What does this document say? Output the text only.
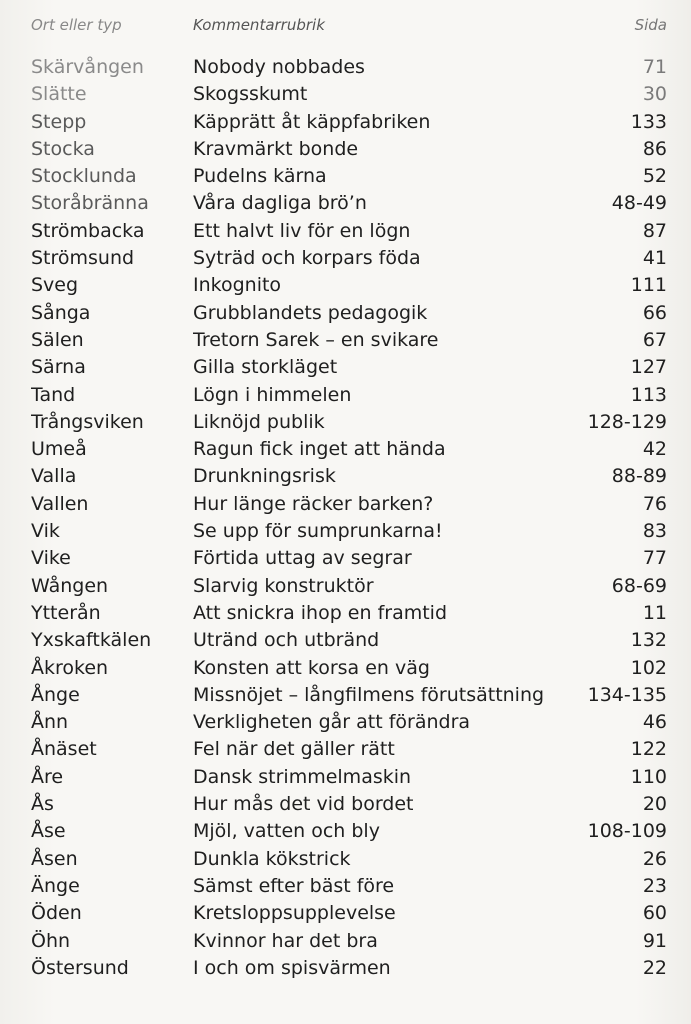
Ort eller typ	Kommentarrubrik	Sida
Skärvången	Nobody nobbades	71
Slätte	Skogsskumt	30
Stepp	Käpprätt åt käppfabriken	133
Stocka	Kravmärkt bonde	86
Stocklunda	Pudelns kärna	52
Storåbränna	Våra dagliga brö’n	48-49
Strömbacka	Ett halvt liv för en lögn	87
Strömsund	Syträd och korpars föda	41
Sveg	Inkognito	111
Sånga	Grubblandets pedagogik	66
Sälen	Tretorn Sarek – en svikare	67
Särna	Gilla storkläget	127
Tand	Lögn i himmelen	113
Trångsviken	Liknöjd publik	128-129
Umeå	Ragun fick inget att hända	42
Valla	Drunkningsrisk	88-89
Vallen	Hur länge räcker barken?	76
Vik	Se upp för sumprunkarna!	83
Vike	Förtida uttag av segrar	77
Wången	Slarvig konstruktör	68-69
Ytterån	Att snickra ihop en framtid	11
Yxskaftkälen	Utränd och utbränd	132
Åkroken	Konsten att korsa en väg	102
Ånge	Missnöjet – långfilmens förutsättning	134-135
Ånn	Verkligheten går att förändra	46
Ånäset	Fel när det gäller rätt	122
Åre	Dansk strimmelmaskin	110
Ås	Hur mås det vid bordet	20
Åse	Mjöl, vatten och bly	108-109
Åsen	Dunkla kökstrick	26
Änge	Sämst efter bäst före	23
Öden	Kretsloppsupplevelse	60
Öhn	Kvinnor har det bra	91
Östersund	I och om spisvärmen	22
